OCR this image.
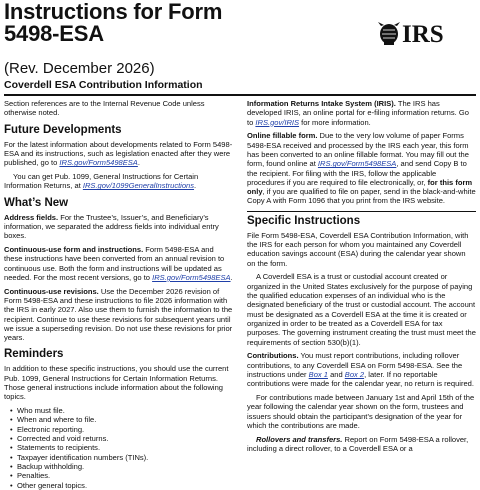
Instructions for Form
5498-ESA	IRS
(Rev. December 2026)
Coverdell ESA Contribution Information

Section references are to the Internal Revenue Code unless otherwise noted.

Future Developments

For the latest information about developments related to Form 5498-ESA and its instructions, such as legislation enacted after they were published, go to IRS.gov/Form5498ESA.

You can get Pub. 1099, General Instructions for Certain Information Returns, at IRS.gov/1099GeneralInstructions.

What’s New

Address fields. For the Trustee’s, Issuer’s, and Beneficiary’s information, we separated the address fields into individual entry boxes.

Continuous-use form and instructions. Form 5498-ESA and these instructions have been converted from an annual revision to continuous use. Both the form and instructions will be updated as needed. For the most recent versions, go to IRS.gov/Form5498ESA.

Continuous-use revisions. Use the December 2026 revision of Form 5498-ESA and these instructions to file 2026 information with the IRS in early 2027. Also use them to furnish the information to the recipient. Continue to use these revisions for subsequent years until we issue a superseding revision. Do not use these revisions for prior years.

Reminders

In addition to these specific instructions, you should use the current Pub. 1099, General Instructions for Certain Information Returns. Those general instructions include information about the following topics.

• Who must file.
• When and where to file.
• Electronic reporting.
• Corrected and void returns.
• Statements to recipients.
• Taxpayer identification numbers (TINs).
• Backup withholding.
• Penalties.
• Other general topics.

Information Returns Intake System (IRIS). The IRS has developed IRIS, an online portal for e-filing information returns. Go to IRS.gov/IRIS for more information.

Online fillable form. Due to the very low volume of paper Forms 5498-ESA received and processed by the IRS each year, this form has been converted to an online fillable format. You may fill out the form, found online at IRS.gov/Form5498ESA, and send Copy B to the recipient. For filing with the IRS, follow the applicable procedures if you are required to file electronically, or, for this form only, if you are qualified to file on paper, send in the black-and-white Copy A with Form 1096 that you print from the IRS website.

Specific Instructions

File Form 5498-ESA, Coverdell ESA Contribution Information, with the IRS for each person for whom you maintained any Coverdell education savings account (ESA) during the calendar year shown on the form.

A Coverdell ESA is a trust or custodial account created or organized in the United States exclusively for the purpose of paying the qualified education expenses of an individual who is the designated beneficiary of the trust or custodial account. The account must be designated as a Coverdell ESA at the time it is created or organized in order to be treated as a Coverdell ESA for tax purposes. The governing instrument creating the trust must meet the requirements of section 530(b)(1).

Contributions. You must report contributions, including rollover contributions, to any Coverdell ESA on Form 5498-ESA. See the instructions under Box 1 and Box 2, later. If no reportable contributions were made for the calendar year, no return is required.

For contributions made between January 1st and April 15th of the year following the calendar year shown on the form, trustees and issuers should obtain the participant’s designation of the year for which the contributions are made.

Rollovers and transfers. Report on Form 5498-ESA a rollover, including a direct rollover, to a Coverdell ESA or a
